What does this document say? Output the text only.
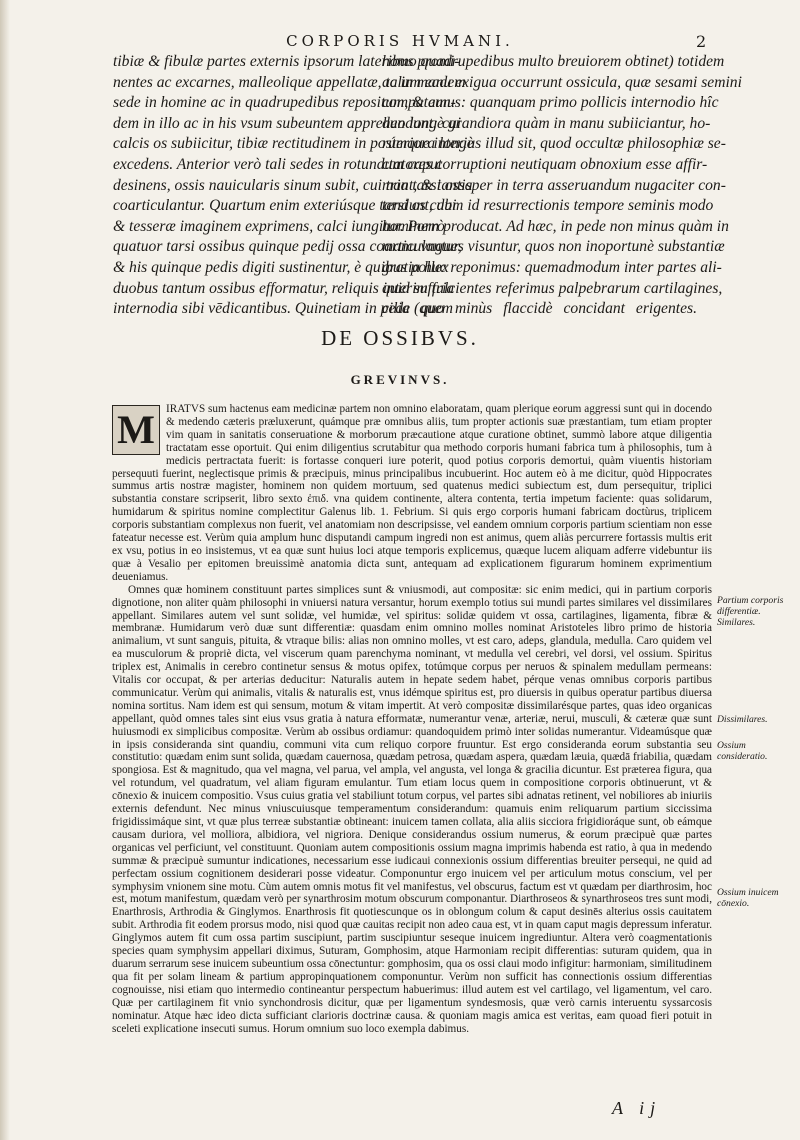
CORPORIS HVMANI.	2
tibiæ & fibulæ partes externis ipsorum lateribus promi-
nentes ac excarnes, malleolique appellatæ, talum eadem
sede in homine ac in quadrupedibus repositum, & eun-
dem in illo ac in his vsum subeuntem apprehendunt: cui
calcis os subiicitur, tibiæ rectitudinem in posteriora longè
excedens. Anterior verò tali sedes in rotundum caput
desinens, ossis nauicularis sinum subit, cui tria tarsi ossa
coarticulantur. Quartum enim exteriúsque tarsi os cubi
& tesseræ imaginem exprimens, calci iungitur. Porrò
quatuor tarsi ossibus quinque pedij ossa coarticulantur,
& his quinque pedis digiti sustinentur, è quibus pollex
duobus tantum ossibus efformatur, reliquis interim tria
internodia sibi vēdicantibus. Quinetiam in pede (quem
homo quadrupedibus multo breuiorem obtinet) totidem
ac in manu exigua occurrunt ossicula, quæ sesami semini
compatamus: quanquam primo pollicis internodio hîc
duo longè grandiora quàm in manu subiiciantur, ho-
rúmque interius illud sit, quod occultæ philosophiæ se-
ctatores corruptioni neutiquam obnoxium esse affir-
mant, & tantisper in terra asseruandum nugaciter con-
tendunt, dum id resurrectionis tempore seminis modo
hominem producat. Ad hæc, in pede non minus quàm in
manu vngues visuntur, quos non inoportunè substantiæ
gratia huc reponimus: quemadmodum inter partes ali-
quid suffulcientes referimus palpebrarum cartilagines,
cilia quo minùs flaccidè concidant erigentes.
DE OSSIBVS.
GREVINVS.

M IRATVS sum hactenus eam medicinæ partem non omnino elaboratam, quam plerique eorum aggressi sunt qui in docendo & medendo cæteris præluxerunt, quámque præ omnibus aliis, tum propter actionis suæ præstantiam, tum etiam propter vim quam in sanitatis conseruatione & morborum præcautione atque curatione obtinet, summò labore atque diligentia tractatam esse oportuit. Qui enim diligentius scrutabitur qua methodo corporis humani fabrica tum à philosophis, tum à medicis pertractata fuerit: is fortasse conqueri iure poterit, quod potius corporis demortui, quàm viuentis historiam persequuti fuerint, neglectisque primis & præcipuis, minus principalibus incubuerint. Hoc autem eò à me dicitur, quòd Hippocrates summus artis nostræ magister, hominem non quidem mortuum, sed quatenus medici subiectum est, dum persequitur, triplici substantia constare scripserit, libro sexto ἐπιδ. vna quidem continente, altera contenta, tertia impetum faciente: quas solidarum, humidarum & spiritus nomine complectitur Galenus lib. 1. Febrium. Si quis ergo corporis humani fabricam doctùrus, triplicem corporis substantiam complexus non fuerit, vel anatomiam non descripsisse, vel eandem omnium corporis partium scientiam non esse fateatur necesse est. Verùm quia amplum hunc disputandi campum ingredi non est animus, quem aliàs percurrere fortassis multis erit ex vsu, potius in eo insistemus, vt ea quæ sunt huius loci atque temporis explicemus, quæque lucem aliquam adferre videbuntur iis quæ à Vesalio per epitomen breuissimè anatomia dicta sunt, antequam ad explicationem figurarum hominem exprimentium deueniamus.

Omnes quæ hominem constituunt partes simplices sunt & vniusmodi, aut compositæ: sic enim medici, qui in partium corporis dignotione, non aliter quàm philosophi in vniuersi natura versantur, horum exemplo totius sui mundi partes similares vel dissimilares appellant. Similares autem vel sunt solidæ, vel humidæ, vel spiritus: solidæ quidem vt ossa, cartilagines, ligamenta, fibræ & membranæ. Humidarum verò duæ sunt differentiæ: quasdam enim omnino molles nominat Aristoteles libro primo de historia animalium, vt sunt sanguis, pituita, & vtraque bilis: alias non omnino molles, vt est caro, adeps, glandula, medulla. Caro quidem vel ea musculorum & propriè dicta, vel viscerum quam parenchyma nominant, vt medulla vel cerebri, vel dorsi, vel ossium. Spiritus triplex est, Animalis in cerebro continetur sensus & motus opifex, totúmque corpus per neruos & spinalem medullam permeans: Vitalis cor occupat, & per arterias deducitur: Naturalis autem in hepate sedem habet, pérque venas omnibus corporis partibus communicatur. Verùm qui animalis, vitalis & naturalis est, vnus idémque spiritus est, pro diuersis in quibus operatur partibus diuersa nomina sortitus. Nam idem est qui sensum, motum & vitam impertit. At verò compositæ dissimilarésque partes, quas ideo organicas appellant, quòd omnes tales sint eius vsus gratia à natura efformatæ, numerantur venæ, arteriæ, nerui, musculi, & cæteræ quæ sunt huiusmodi ex simplicibus compositæ. Verùm ab ossibus ordiamur: quandoquidem primò inter solidas numerantur. Videamúsque quæ in ipsis consideranda sint quandiu, communi vita cum reliquo corpore fruuntur. Est ergo consideranda eorum substantia seu constitutio: quædam enim sunt solida, quædam cauernosa, quædam petrosa, quædam aspera, quædam læuia, quædā friabilia, quædam spongiosa. Est & magnitudo, qua vel magna, vel parua, vel ampla, vel angusta, vel longa & gracilia dicuntur. Est præterea figura, qua vel rotundum, vel quadratum, vel aliam figuram emulantur. Tum etiam locus quem in compositione corporis obtinuerunt, vt & cōnexio & inuicem compositio. Vsus cuius gratia vel stabiliunt totum corpus, vel partes sibi adnatas retinent, vel nobiliores ab iniuriis externis defendunt. Nec minus vniuscuiusque temperamentum considerandum: quamuis enim reliquarum partium siccissima frigidissimáque sint, vt quæ plus terreæ substantiæ obtineant: inuicem tamen collata, alia aliis sicciora frigidioráque sunt, ob eámque causam duriora, vel molliora, albidiora, vel nigriora. Denique considerandus ossium numerus, & eorum præcipuè quæ partes organicas vel perficiunt, vel constituunt. Quoniam autem compositionis ossium magna imprimis habenda est ratio, à qua in medendo summæ & præcipuè sumuntur indicationes, necessarium esse iudicaui connexionis ossium differentias breuiter persequi, ne quid ad perfectam ossium cognitionem desiderari posse videatur. Componuntur ergo inuicem vel per articulum motus conscium, vel per symphysim vnionem sine motu. Cùm autem omnis motus fit vel manifestus, vel obscurus, factum est vt quædam per diarthrosim, hoc est, motum manifestum, quædam verò per synarthrosim motum obscurum componantur. Diarthroseos & synarthroseos tres sunt modi, Enarthrosis, Arthrodia & Ginglymos. Enarthrosis fit quotiescunque os in oblongum colum & caput desinēs alterius ossis cauitatem subit. Arthrodia fit eodem prorsus modo, nisi quod quæ cauitas recipit non adeo caua est, vt in quam caput magis depressum inferatur. Ginglymos autem fit cum ossa partim suscipiunt, partim suscipiuntur seseque inuicem ingrediuntur. Altera verò coagmentationis species quam symphysim appellari diximus, Suturam, Gomphosim, atque Harmoniam recipit differentias: suturam quidem, qua in duarum serrarum sese inuicem subeuntium ossa cōnectuntur: gomphosim, qua os ossi claui modo infigitur: harmoniam, similitudinem qua fit per solam lineam & partium appropinquationem componuntur. Verùm non sufficit has connectionis ossium differentias cognouisse, nisi etiam quo intermedio contineantur perspectum habuerimus: illud autem est vel cartilago, vel ligamentum, vel caro. Quæ per cartilaginem fit vnio synchondrosis dicitur, quæ per ligamentum syndesmosis, quæ verò carnis interuentu syssarcosis nominatur. Atque hæc ideo dicta sufficiant clarioris doctrinæ causa. & quoniam magis amica est veritas, eam quoad fieri potuit in sceleti explicatione insecuti sumus. Horum omnium suo loco exempla dabimus.

Partium corporis differentiæ. Similares.
Dissimilares.
Ossium consideratio.
Ossium inuicem cōnexio.
A ij
